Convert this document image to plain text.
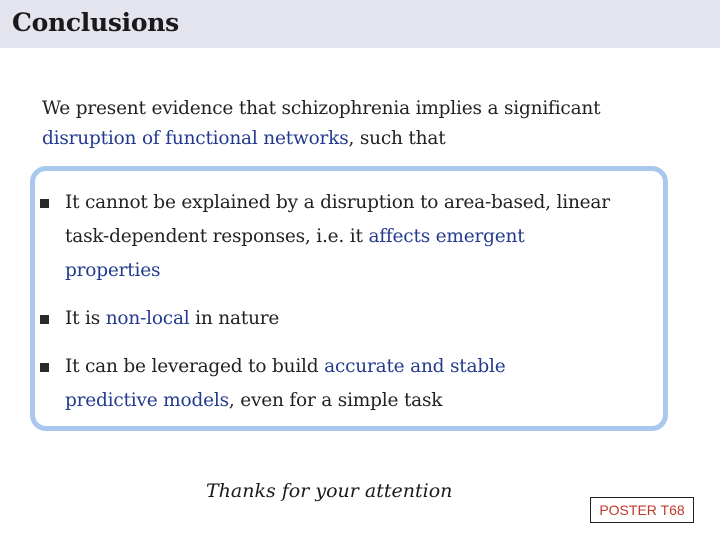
Conclusions
We present evidence that schizophrenia implies a significant disruption of functional networks, such that
It cannot be explained by a disruption to area-based, linear
task-dependent responses, i.e. it affects emergent
properties
It is non-local in nature
It can be leveraged to build accurate and stable
predictive models, even for a simple task
Thanks for your attention
POSTER T68
